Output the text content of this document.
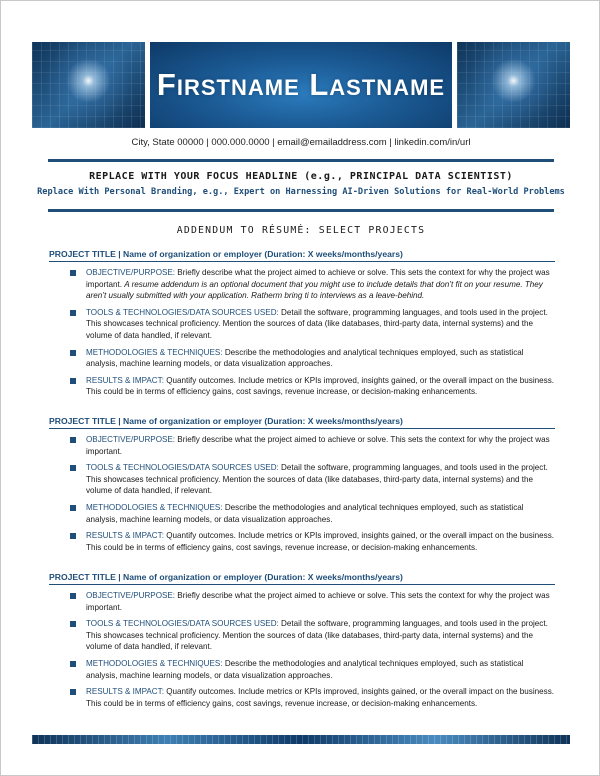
Firstname Lastname
City, State 00000 | 000.000.0000 | email@emailaddress.com | linkedin.com/in/url
REPLACE WITH YOUR FOCUS HEADLINE (e.g., PRINCIPAL DATA SCIENTIST)
Replace With Personal Branding, e.g., Expert on Harnessing AI-Driven Solutions for Real-World Problems
ADDENDUM TO RÉSUMÉ: SELECT PROJECTS
PROJECT TITLE | Name of organization or employer (Duration: X weeks/months/years)
OBJECTIVE/PURPOSE: Briefly describe what the project aimed to achieve or solve. This sets the context for why the project was important. A resume addendum is an optional document that you might use to include details that don’t fit on your resume. They aren’t usually submitted with your application. Ratherm bring ti to interviews as a leave-behind.
TOOLS & TECHNOLOGIES/DATA SOURCES USED: Detail the software, programming languages, and tools used in the project. This showcases technical proficiency. Mention the sources of data (like databases, third-party data, internal systems) and the volume of data handled, if relevant.
METHODOLOGIES & TECHNIQUES: Describe the methodologies and analytical techniques employed, such as statistical analysis, machine learning models, or data visualization approaches.
RESULTS & IMPACT: Quantify outcomes. Include metrics or KPIs improved, insights gained, or the overall impact on the business. This could be in terms of efficiency gains, cost savings, revenue increase, or decision-making enhancements.
PROJECT TITLE | Name of organization or employer (Duration: X weeks/months/years)
OBJECTIVE/PURPOSE: Briefly describe what the project aimed to achieve or solve. This sets the context for why the project was important.
TOOLS & TECHNOLOGIES/DATA SOURCES USED: Detail the software, programming languages, and tools used in the project. This showcases technical proficiency. Mention the sources of data (like databases, third-party data, internal systems) and the volume of data handled, if relevant.
METHODOLOGIES & TECHNIQUES: Describe the methodologies and analytical techniques employed, such as statistical analysis, machine learning models, or data visualization approaches.
RESULTS & IMPACT: Quantify outcomes. Include metrics or KPIs improved, insights gained, or the overall impact on the business. This could be in terms of efficiency gains, cost savings, revenue increase, or decision-making enhancements.
PROJECT TITLE | Name of organization or employer (Duration: X weeks/months/years)
OBJECTIVE/PURPOSE: Briefly describe what the project aimed to achieve or solve. This sets the context for why the project was important.
TOOLS & TECHNOLOGIES/DATA SOURCES USED: Detail the software, programming languages, and tools used in the project. This showcases technical proficiency. Mention the sources of data (like databases, third-party data, internal systems) and the volume of data handled, if relevant.
METHODOLOGIES & TECHNIQUES: Describe the methodologies and analytical techniques employed, such as statistical analysis, machine learning models, or data visualization approaches.
RESULTS & IMPACT: Quantify outcomes. Include metrics or KPIs improved, insights gained, or the overall impact on the business. This could be in terms of efficiency gains, cost savings, revenue increase, or decision-making enhancements.
